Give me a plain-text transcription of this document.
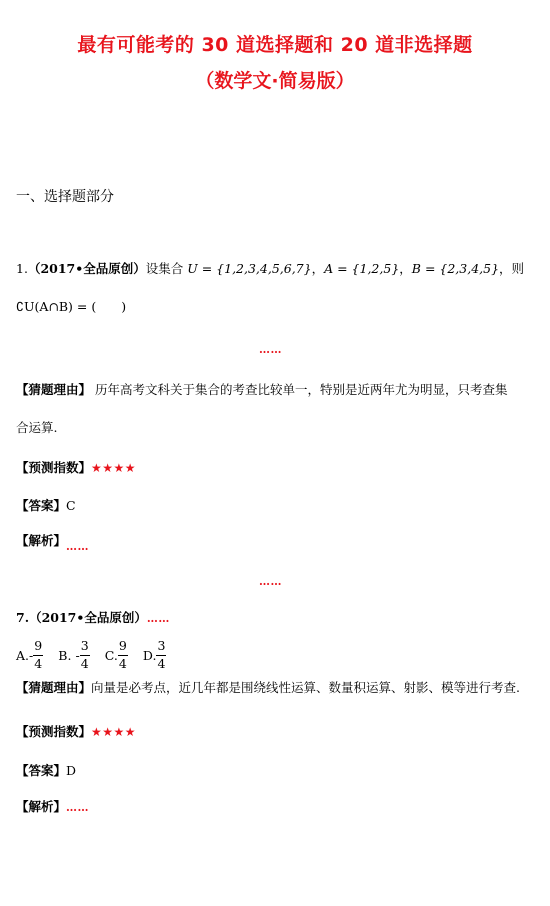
最有可能考的 30 道选择题和 20 道非选择题
（数学文·简易版）
一、选择题部分
1.（2017•全品原创）设集合 U = {1,2,3,4,5,6,7}，A = {1,2,5}，B = {2,3,4,5}，则
∁U(A∩B) = (　　)
……
【猜题理由】 历年高考文科关于集合的考查比较单一，特别是近两年尤为明显，只考查集
合运算.
【预测指数】★★★★
【答案】C
【解析】……
……
7.（2017•全品原创）……
A. - $\frac{9}{4}$
B.
- $\frac{3}{4}$
C. $\frac{9}{4}$
D. $\frac{3}{4}$
【猜题理由】向量是必考点，近几年都是围绕线性运算、数量积运算、射影、模等进行考查.
【预测指数】★★★★
【答案】D
【解析】……
